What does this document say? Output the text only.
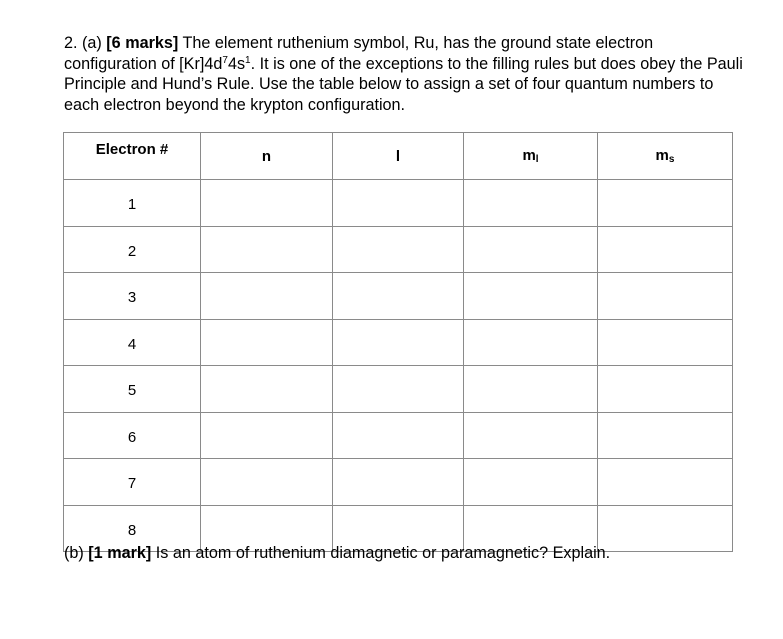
2. (a) [6 marks] The element ruthenium symbol, Ru, has the ground state electron configuration of $[Kr]4d^74s^1$. It is one of the exceptions to the filling rules but does obey the Pauli Principle and Hund’s Rule. Use the table below to assign a set of four quantum numbers to each electron beyond the krypton configuration.
Electron #	n	l	$m_l$	$m_s$
1				
2				
3				
4				
5				
6				
7				
8				
(b) [1 mark] Is an atom of ruthenium diamagnetic or paramagnetic? Explain.
